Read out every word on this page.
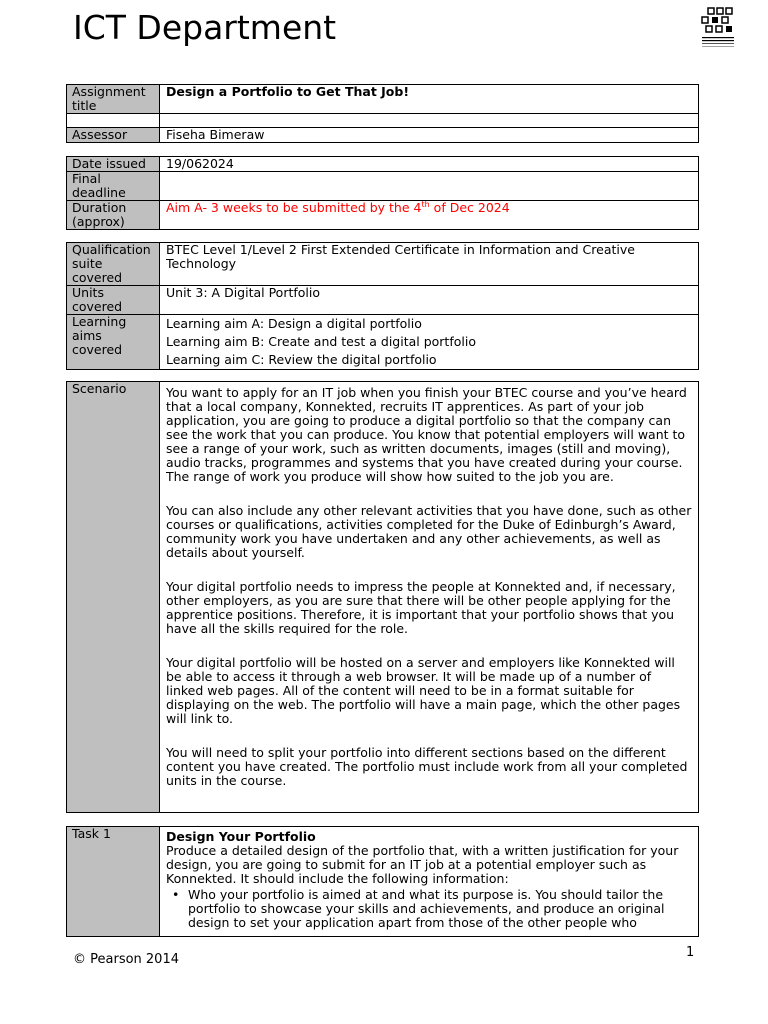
ICT Department
Assignment title	Design a Portfolio to Get That Job!

Assessor	Fiseha Bimeraw
Date issued	19/062024
Final deadline	
Duration (approx)	Aim A- 3 weeks to be submitted by the 4th of Dec 2024
Qualification suite covered	BTEC Level 1/Level 2 First Extended Certificate in Information and Creative Technology
Units covered	Unit 3: A Digital Portfolio
Learning aims covered	Learning aim A: Design a digital portfolio

Learning aim B: Create and test a digital portfolio

Learning aim C: Review the digital portfolio

Scenario	You want to apply for an IT job when you finish your BTEC course and you’ve heard that a local company, Konnekted, recruits IT apprentices. As part of your job application, you are going to produce a digital portfolio so that the company can see the work that you can produce. You know that potential employers will want to see a range of your work, such as written documents, images (still and moving), audio tracks, programmes and systems that you have created during your course. The range of work you produce will show how suited to the job you are.

You can also include any other relevant activities that you have done, such as other courses or qualifications, activities completed for the Duke of Edinburgh’s Award, community work you have undertaken and any other achievements, as well as details about yourself.

Your digital portfolio needs to impress the people at Konnekted and, if necessary, other employers, as you are sure that there will be other people applying for the apprentice positions. Therefore, it is important that your portfolio shows that you have all the skills required for the role.

Your digital portfolio will be hosted on a server and employers like Konnekted will be able to access it through a web browser. It will be made up of a number of linked web pages. All of the content will need to be in a format suitable for displaying on the web. The portfolio will have a main page, which the other pages will link to.

You will need to split your portfolio into different sections based on the different content you have created. The portfolio must include work from all your completed units in the course.

Task 1	Design Your Portfolio
Produce a detailed design of the portfolio that, with a written justification for your design, you are going to submit for an IT job at a potential employer such as Konnekted. It should include the following information:
• Who your portfolio is aimed at and what its purpose is. You should tailor the portfolio to showcase your skills and achievements, and produce an original design to set your application apart from those of the other people who
© Pearson 2014	1
